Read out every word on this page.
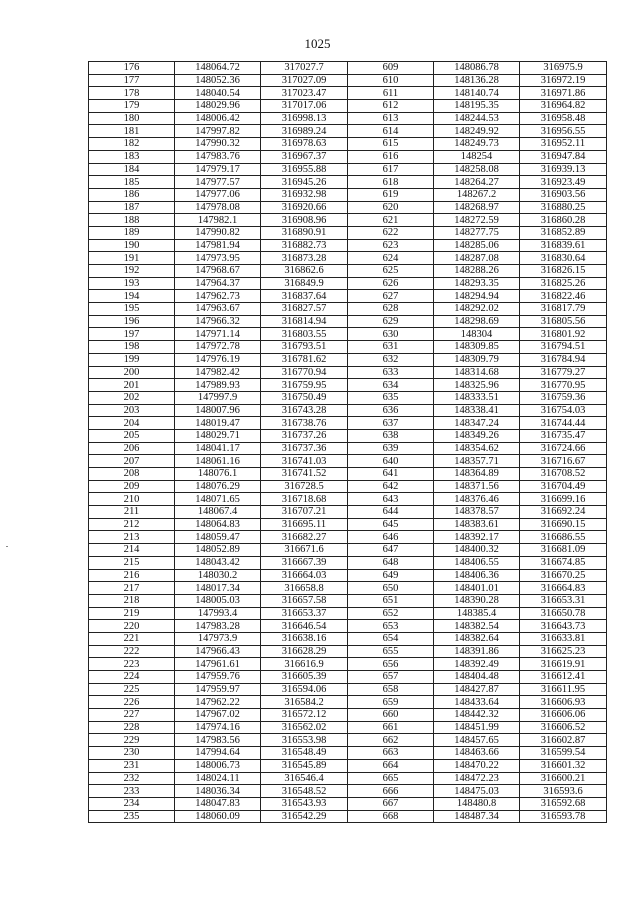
1025
176	148064.72	317027.7	609	148086.78	316975.9
177	148052.36	317027.09	610	148136.28	316972.19
178	148040.54	317023.47	611	148140.74	316971.86
179	148029.96	317017.06	612	148195.35	316964.82
180	148006.42	316998.13	613	148244.53	316958.48
181	147997.82	316989.24	614	148249.92	316956.55
182	147990.32	316978.63	615	148249.73	316952.11
183	147983.76	316967.37	616	148254	316947.84
184	147979.17	316955.88	617	148258.08	316939.13
185	147977.57	316945.26	618	148264.27	316923.49
186	147977.06	316932.98	619	148267.2	316903.56
187	147978.08	316920.66	620	148268.97	316880.25
188	147982.1	316908.96	621	148272.59	316860.28
189	147990.82	316890.91	622	148277.75	316852.89
190	147981.94	316882.73	623	148285.06	316839.61
191	147973.95	316873.28	624	148287.08	316830.64
192	147968.67	316862.6	625	148288.26	316826.15
193	147964.37	316849.9	626	148293.35	316825.26
194	147962.73	316837.64	627	148294.94	316822.46
195	147963.67	316827.57	628	148292.02	316817.79
196	147966.32	316814.94	629	148298.69	316805.56
197	147971.14	316803.55	630	148304	316801.92
198	147972.78	316793.51	631	148309.85	316794.51
199	147976.19	316781.62	632	148309.79	316784.94
200	147982.42	316770.94	633	148314.68	316779.27
201	147989.93	316759.95	634	148325.96	316770.95
202	147997.9	316750.49	635	148333.51	316759.36
203	148007.96	316743.28	636	148338.41	316754.03
204	148019.47	316738.76	637	148347.24	316744.44
205	148029.71	316737.26	638	148349.26	316735.47
206	148041.17	316737.36	639	148354.62	316724.66
207	148061.16	316741.03	640	148357.71	316716.67
208	148076.1	316741.52	641	148364.89	316708.52
209	148076.29	316728.5	642	148371.56	316704.49
210	148071.65	316718.68	643	148376.46	316699.16
211	148067.4	316707.21	644	148378.57	316692.24
212	148064.83	316695.11	645	148383.61	316690.15
213	148059.47	316682.27	646	148392.17	316686.55
214	148052.89	316671.6	647	148400.32	316681.09
215	148043.42	316667.39	648	148406.55	316674.85
216	148030.2	316664.03	649	148406.36	316670.25
217	148017.34	316658.8	650	148401.01	316664.83
218	148005.03	316657.58	651	148390.28	316653.31
219	147993.4	316653.37	652	148385.4	316650.78
220	147983.28	316646.54	653	148382.54	316643.73
221	147973.9	316638.16	654	148382.64	316633.81
222	147966.43	316628.29	655	148391.86	316625.23
223	147961.61	316616.9	656	148392.49	316619.91
224	147959.76	316605.39	657	148404.48	316612.41
225	147959.97	316594.06	658	148427.87	316611.95
226	147962.22	316584.2	659	148433.64	316606.93
227	147967.02	316572.12	660	148442.32	316606.06
228	147974.16	316562.02	661	148451.99	316606.52
229	147983.56	316553.98	662	148457.65	316602.87
230	147994.64	316548.49	663	148463.66	316599.54
231	148006.73	316545.89	664	148470.22	316601.32
232	148024.11	316546.4	665	148472.23	316600.21
233	148036.34	316548.52	666	148475.03	316593.6
234	148047.83	316543.93	667	148480.8	316592.68
235	148060.09	316542.29	668	148487.34	316593.78
